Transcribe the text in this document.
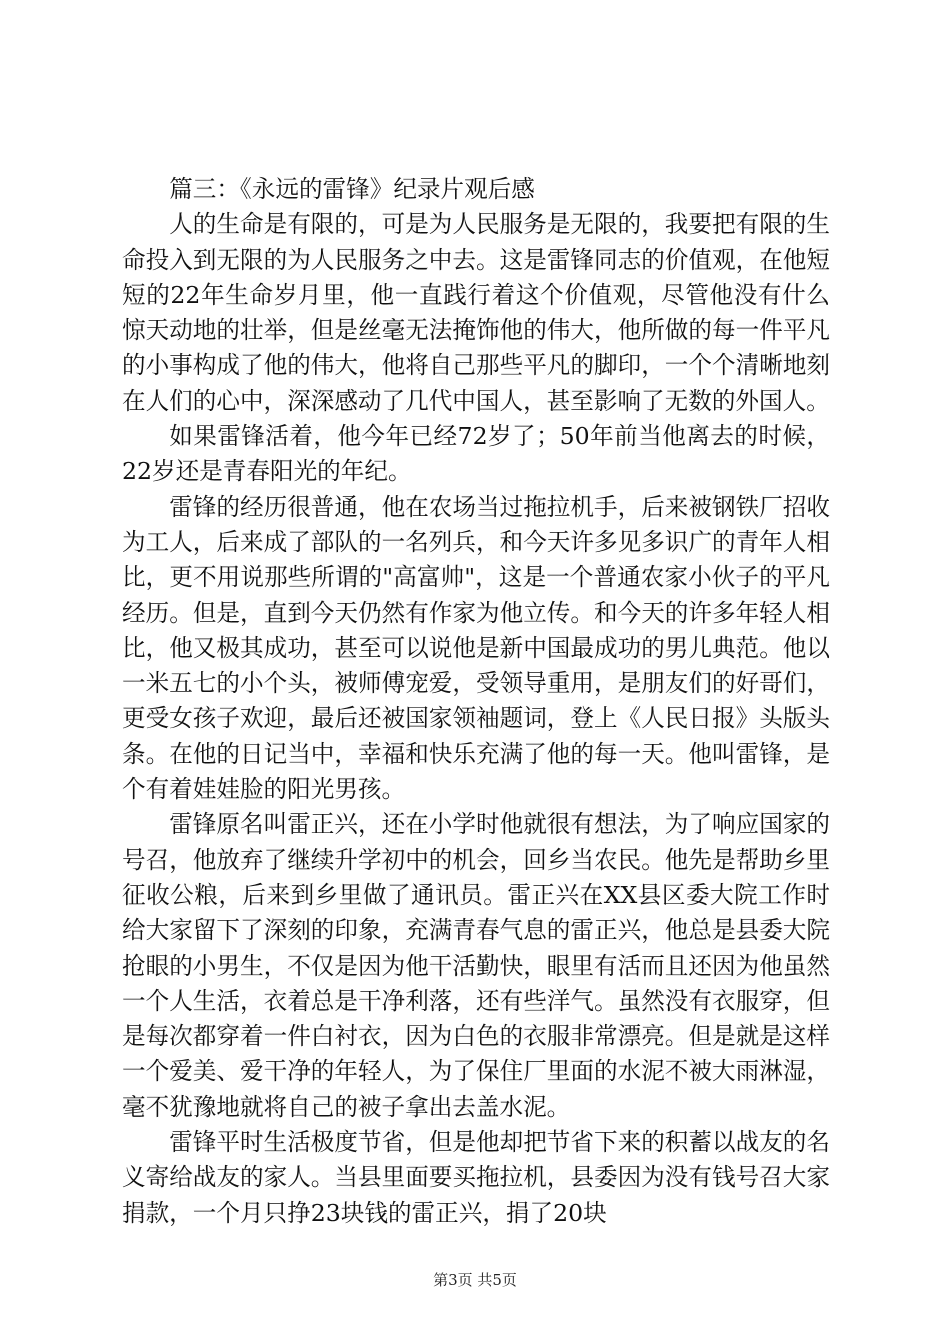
篇三：《永远的雷锋》纪录片观后感

人的生命是有限的，可是为人民服务是无限的，我要把有限的生命投入到无限的为人民服务之中去。这是雷锋同志的价值观，在他短短的22年生命岁月里，他一直践行着这个价值观，尽管他没有什么惊天动地的壮举，但是丝毫无法掩饰他的伟大，他所做的每一件平凡的小事构成了他的伟大，他将自己那些平凡的脚印，一个个清晰地刻在人们的心中，深深感动了几代中国人，甚至影响了无数的外国人。

如果雷锋活着，他今年已经72岁了；50年前当他离去的时候，22岁还是青春阳光的年纪。

雷锋的经历很普通，他在农场当过拖拉机手，后来被钢铁厂招收为工人，后来成了部队的一名列兵，和今天许多见多识广的青年人相比，更不用说那些所谓的"高富帅"，这是一个普通农家小伙子的平凡经历。但是，直到今天仍然有作家为他立传。和今天的许多年轻人相比，他又极其成功，甚至可以说他是新中国最成功的男儿典范。他以一米五七的小个头，被师傅宠爱，受领导重用，是朋友们的好哥们，更受女孩子欢迎，最后还被国家领袖题词，登上《人民日报》头版头条。在他的日记当中，幸福和快乐充满了他的每一天。他叫雷锋，是个有着娃娃脸的阳光男孩。

雷锋原名叫雷正兴，还在小学时他就很有想法，为了响应国家的号召，他放弃了继续升学初中的机会，回乡当农民。他先是帮助乡里征收公粮，后来到乡里做了通讯员。雷正兴在XX县区委大院工作时给大家留下了深刻的印象，充满青春气息的雷正兴，他总是县委大院抢眼的小男生，不仅是因为他干活勤快，眼里有活而且还因为他虽然一个人生活，衣着总是干净利落，还有些洋气。虽然没有衣服穿，但是每次都穿着一件白衬衣，因为白色的衣服非常漂亮。但是就是这样一个爱美、爱干净的年轻人，为了保住厂里面的水泥不被大雨淋湿，毫不犹豫地就将自己的被子拿出去盖水泥。

雷锋平时生活极度节省，但是他却把节省下来的积蓄以战友的名义寄给战友的家人。当县里面要买拖拉机，县委因为没有钱号召大家捐款，一个月只挣23块钱的雷正兴，捐了20块

第3页 共5页
